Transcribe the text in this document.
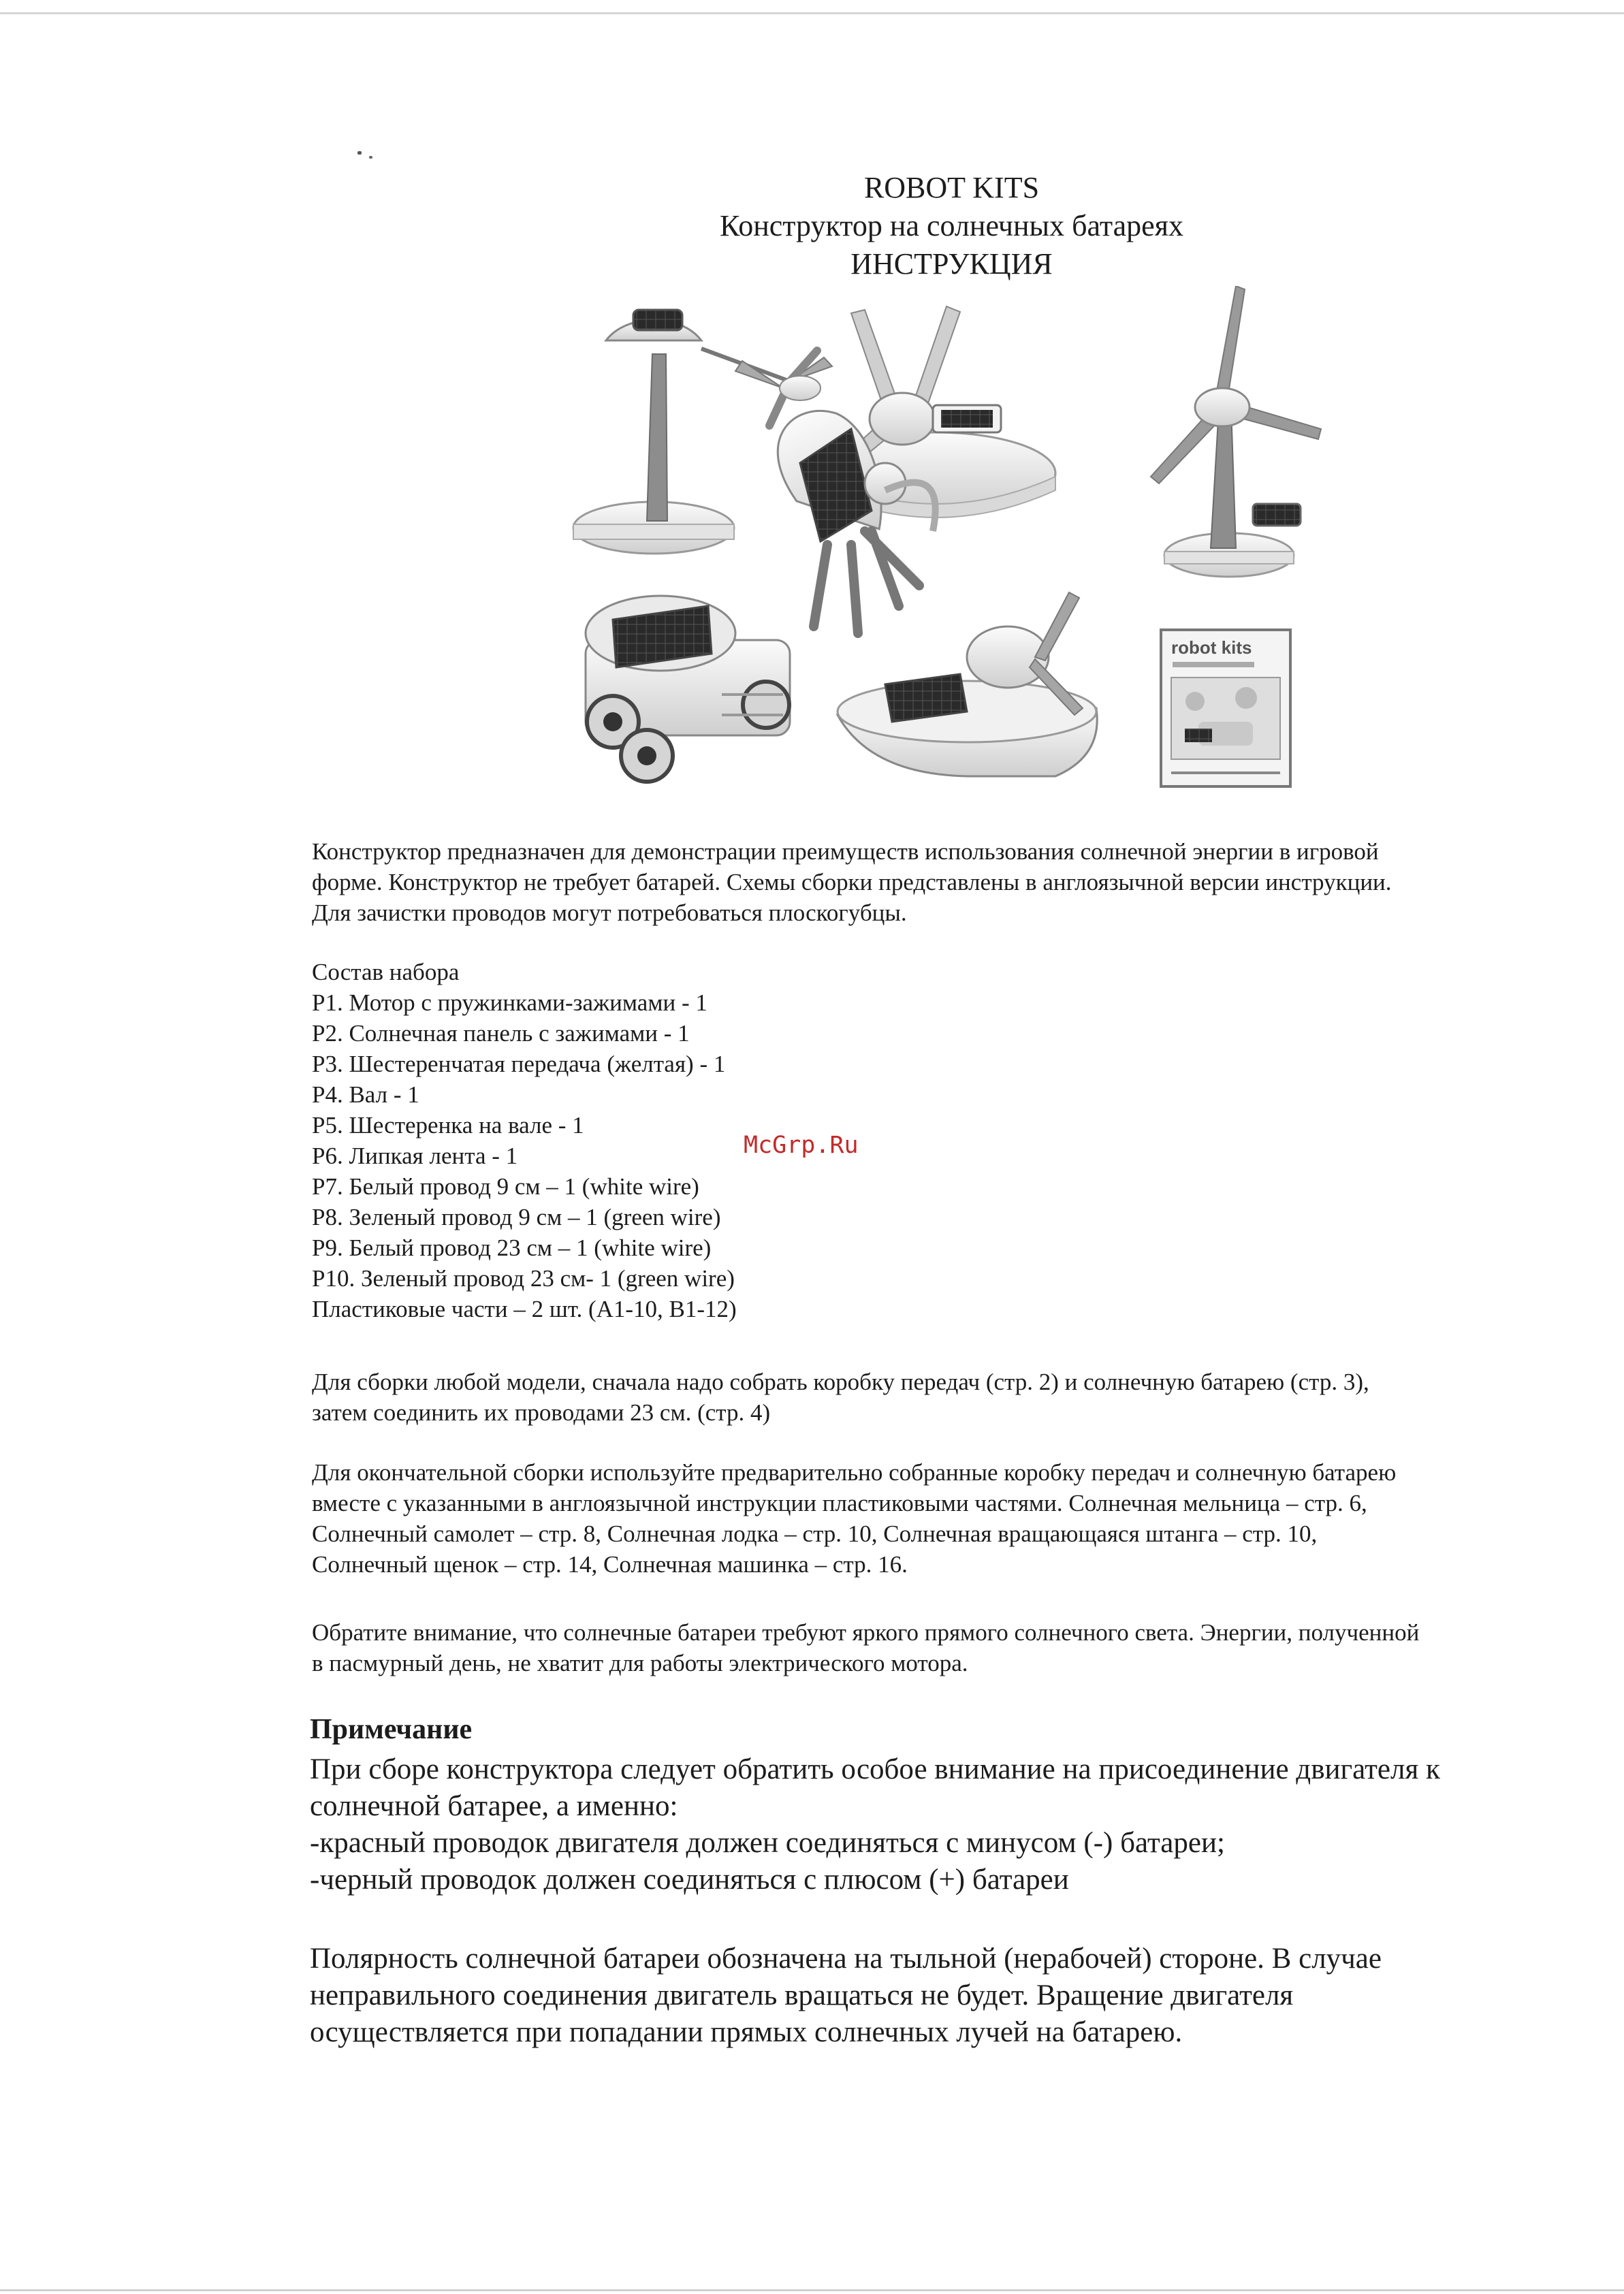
ROBOT KITS
Конструктор на солнечных батареях
ИНСТРУКЦИЯ
robot kits
Конструктор предназначен для демонстрации преимуществ использования солнечной энергии в игровой
форме. Конструктор не требует батарей. Схемы сборки представлены в англоязычной версии инструкции.
Для зачистки проводов могут потребоваться плоскогубцы.
Состав набора
P1. Мотор с пружинками-зажимами - 1
P2. Солнечная панель с зажимами - 1
P3. Шестеренчатая передача (желтая) - 1
P4. Вал - 1
P5. Шестеренка на вале - 1
P6. Липкая лента - 1
P7. Белый провод 9 см – 1 (white wire)
P8. Зеленый провод 9 см – 1 (green wire)
P9. Белый провод 23 см – 1 (white wire)
P10. Зеленый провод 23 см- 1 (green wire)
Пластиковые части – 2 шт. (A1-10, B1-12)
McGrp.Ru
Для сборки любой модели, сначала надо собрать коробку передач (стр. 2) и солнечную батарею (стр. 3),
затем соединить их проводами 23 см. (стр. 4)
Для окончательной сборки используйте предварительно собранные коробку передач и солнечную батарею
вместе с указанными в англоязычной инструкции пластиковыми частями. Солнечная мельница – стр. 6,
Солнечный самолет – стр. 8, Солнечная лодка – стр. 10, Солнечная вращающаяся штанга – стр. 10,
Солнечный щенок – стр. 14, Солнечная машинка – стр. 16.
Обратите внимание, что солнечные батареи требуют яркого прямого солнечного света. Энергии, полученной
в пасмурный день, не хватит для работы электрического мотора.
Примечание
При сборе конструктора следует обратить особое внимание на присоединение двигателя к
солнечной батарее, а именно:
-красный проводок двигателя должен соединяться с минусом (-) батареи;
-черный проводок должен соединяться с плюсом (+) батареи
Полярность солнечной батареи обозначена на тыльной (нерабочей) стороне. В случае
неправильного соединения двигатель вращаться не будет. Вращение двигателя
осуществляется при попадании прямых солнечных лучей на батарею.
